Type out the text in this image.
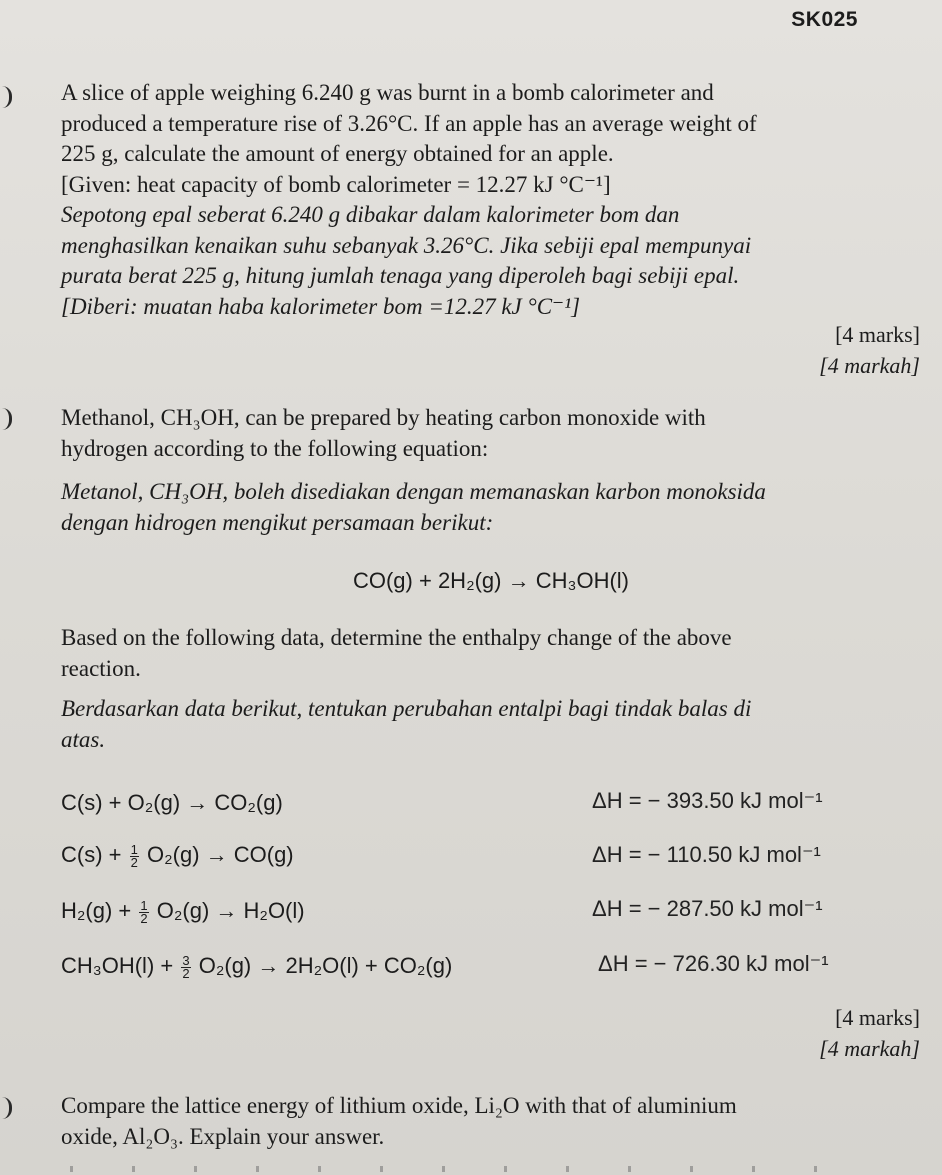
SK025
A slice of apple weighing 6.240 g was burnt in a bomb calorimeter and
produced a temperature rise of 3.26°C. If an apple has an average weight of
225 g, calculate the amount of energy obtained for an apple.
[Given: heat capacity of bomb calorimeter = 12.27 kJ °C⁻¹]
Sepotong epal seberat 6.240 g dibakar dalam kalorimeter bom dan
menghasilkan kenaikan suhu sebanyak 3.26°C. Jika sebiji epal mempunyai
purata berat 225 g, hitung jumlah tenaga yang diperoleh bagi sebiji epal.
[Diberi: muatan haba kalorimeter bom =12.27 kJ °C⁻¹]
[4 marks]
[4 markah]
Methanol, CH₃OH, can be prepared by heating carbon monoxide with
hydrogen according to the following equation:
Metanol, CH₃OH, boleh disediakan dengan memanaskan karbon monoksida
dengan hidrogen mengikut persamaan berikut:
CO(g) + 2H₂(g) → CH₃OH(l)
Based on the following data, determine the enthalpy change of the above
reaction.
Berdasarkan data berikut, tentukan perubahan entalpi bagi tindak balas di
atas.
C(s) + O₂(g) → CO₂(g)	ΔH = − 393.50 kJ mol⁻¹
$C(s) + \frac{1}{2} O_2(g) \to CO(g)$	ΔH = − 110.50 kJ mol⁻¹
$H_2(g) + \frac{1}{2} O_2(g) \to H_2O(l)$	ΔH = − 287.50 kJ mol⁻¹
$CH_3OH(l) + \frac{3}{2} O_2(g) \to 2H_2O(l) + CO_2(g)$	ΔH = − 726.30 kJ mol⁻¹
[4 marks]
[4 markah]
Compare the lattice energy of lithium oxide, Li₂O with that of aluminium
oxide, Al₂O₃. Explain your answer.
